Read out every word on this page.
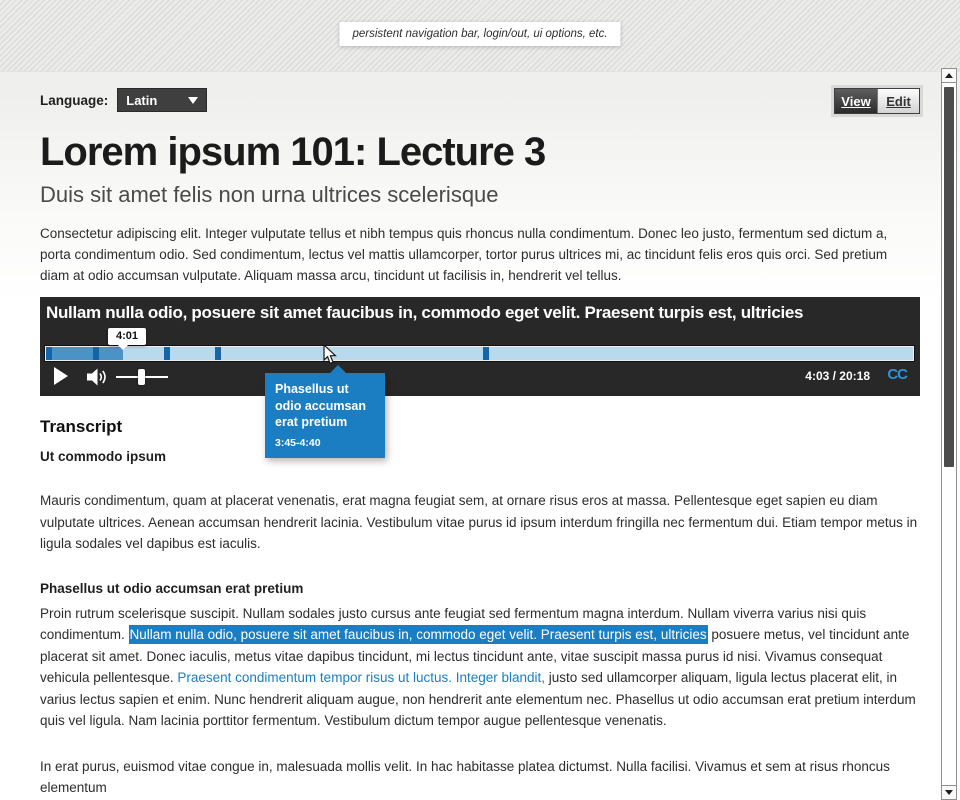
persistent navigation bar, login/out, ui options, etc.
Language: Latin	View	Edit
Lorem ipsum 101: Lecture 3
Duis sit amet felis non urna ultrices scelerisque

Consectetur adipiscing elit. Integer vulputate tellus et nibh tempus quis rhoncus nulla condimentum. Donec leo justo, fermentum sed dictum a, porta condimentum odio. Sed condimentum, lectus vel mattis ullamcorper, tortor purus ultrices mi, ac tincidunt felis eros quis orci. Sed pretium diam at odio accumsan vulputate. Aliquam massa arcu, tincidunt ut facilisis in, hendrerit vel tellus.

Nullam nulla odio, posuere sit amet faucibus in, commodo eget velit. Praesent turpis est, ultricies
4:01
4:03 / 20:18 CC
Phasellus ut odio accumsan erat pretium
3:45-4:40
Transcript
Ut commodo ipsum

Mauris condimentum, quam at placerat venenatis, erat magna feugiat sem, at ornare risus eros at massa. Pellentesque eget sapien eu diam vulputate ultrices. Aenean accumsan hendrerit lacinia. Vestibulum vitae purus id ipsum interdum fringilla nec fermentum dui. Etiam tempor metus in ligula sodales vel dapibus est iaculis.

Phasellus ut odio accumsan erat pretium

Proin rutrum scelerisque suscipit. Nullam sodales justo cursus ante feugiat sed fermentum magna interdum. Nullam viverra varius nisi quis condimentum. Nullam nulla odio, posuere sit amet faucibus in, commodo eget velit. Praesent turpis est, ultricies posuere metus, vel tincidunt ante placerat sit amet. Donec iaculis, metus vitae dapibus tincidunt, mi lectus tincidunt ante, vitae suscipit massa purus id nisi. Vivamus consequat vehicula pellentesque. Praesent condimentum tempor risus ut luctus. Integer blandit, justo sed ullamcorper aliquam, ligula lectus placerat elit, in varius lectus sapien et enim. Nunc hendrerit aliquam augue, non hendrerit ante elementum nec. Phasellus ut odio accumsan erat pretium interdum quis vel ligula. Nam lacinia porttitor fermentum. Vestibulum dictum tempor augue pellentesque venenatis.

In erat purus, euismod vitae congue in, malesuada mollis velit. In hac habitasse platea dictumst. Nulla facilisi. Vivamus et sem at risus rhoncus elementum
